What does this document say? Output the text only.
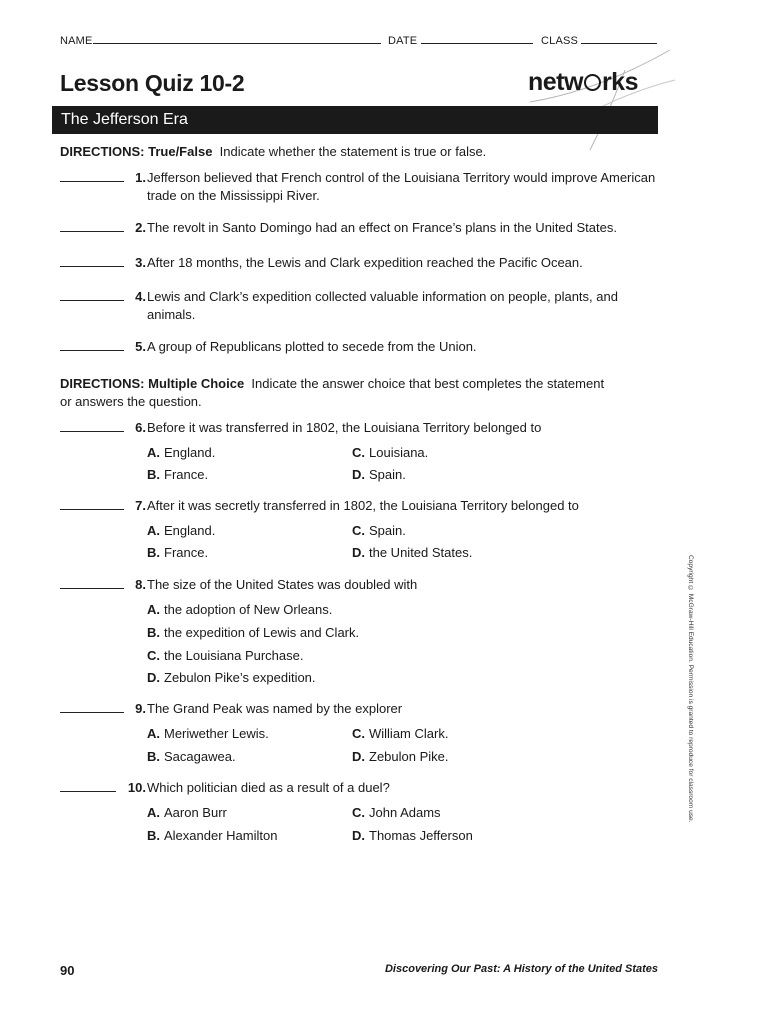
NAME	DATE	CLASS
Lesson Quiz 10-2	netw rks
The Jefferson Era
DIRECTIONS: True/False Indicate whether the statement is true or false.
1. Jefferson believed that French control of the Louisiana Territory would improve American trade on the Mississippi River.
2. The revolt in Santo Domingo had an effect on France’s plans in the United States.
3. After 18 months, the Lewis and Clark expedition reached the Pacific Ocean.
4. Lewis and Clark’s expedition collected valuable information on people, plants, and animals.
5. A group of Republicans plotted to secede from the Union.
DIRECTIONS: Multiple Choice Indicate the answer choice that best completes the statement or answers the question.
6. Before it was transferred in 1802, the Louisiana Territory belonged to
A. England.
B. France.
C. Louisiana.
D. Spain.
7. After it was secretly transferred in 1802, the Louisiana Territory belonged to
A. England.
B. France.
C. Spain.
D. the United States.
8. The size of the United States was doubled with
A. the adoption of New Orleans.
B. the expedition of Lewis and Clark.
C. the Louisiana Purchase.
D. Zebulon Pike’s expedition.
9. The Grand Peak was named by the explorer
A. Meriwether Lewis.
B. Sacagawea.
C. William Clark.
D. Zebulon Pike.
10. Which politician died as a result of a duel?
A. Aaron Burr
B. Alexander Hamilton
C. John Adams
D. Thomas Jefferson
Copyright © McGraw-Hill Education. Permission is granted to reproduce for classroom use.
90	Discovering Our Past: A History of the United States
